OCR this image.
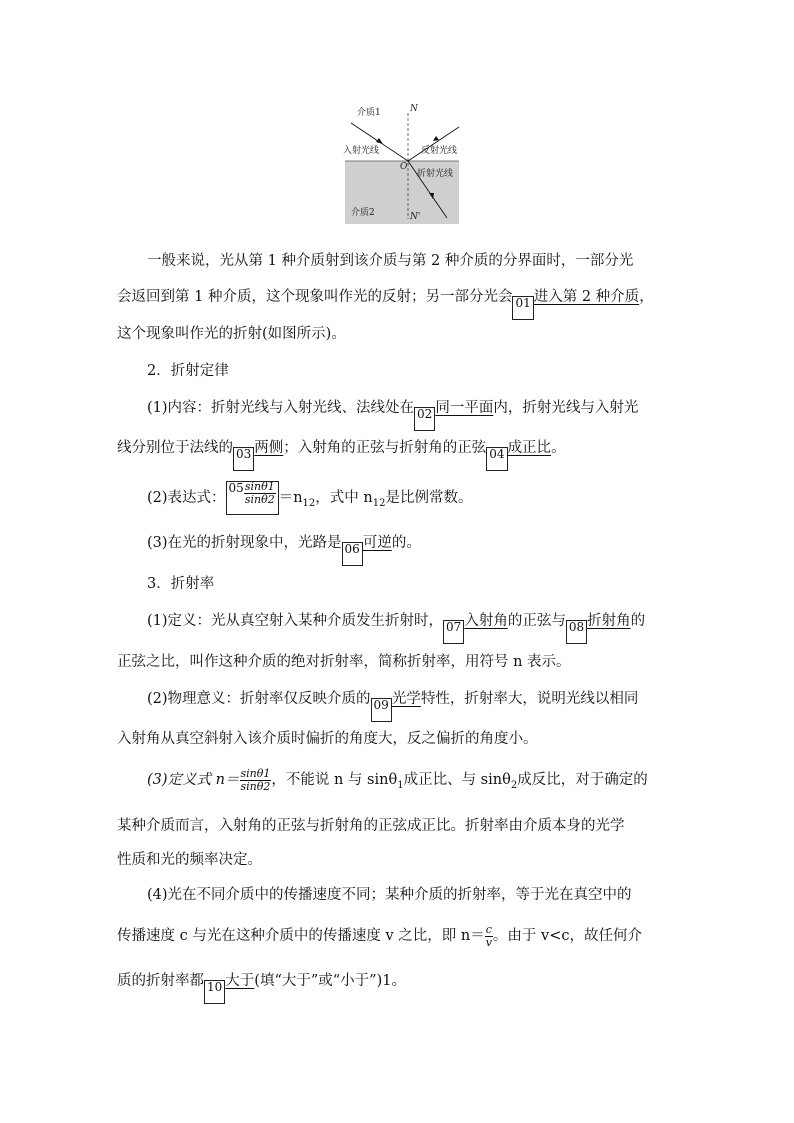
介质1	N
入射光线	反射光线
O
折射光线
介质2	N'
一般来说，光从第 1 种介质射到该介质与第 2 种介质的分界面时，一部分光
会返回到第 1 种介质，这个现象叫作光的反射；另一部分光会 01 进入第 2 种介质，
这个现象叫作光的折射(如图所示)。
2．折射定律
(1)内容：折射光线与入射光线、法线处在 02 同一平面内，折射光线与入射光
线分别位于法线的 03 两侧；入射角的正弦与折射角的正弦 04 成正比。
(2)表达式：$05 \frac{\sin\theta 1}{\sin\theta 2} =n_{12}$，式中 $n_{12}$是比例常数。
(3)在光的折射现象中，光路是 06 可逆的。
3．折射率
(1)定义：光从真空射入某种介质发生折射时， 07 入射角的正弦与 08 折射角的
正弦之比，叫作这种介质的绝对折射率，简称折射率，用符号 n 表示。
(2)物理意义：折射率仅反映介质的 09 光学特性，折射率大，说明光线以相同
入射角从真空斜射入该介质时偏折的角度大，反之偏折的角度小。
(3)定义式 $n= \frac{\sin\theta 1}{\sin\theta 2}$ ，不能说 n 与 sinθ$_1$成正比、与 sinθ$_2$成反比，对于确定的
某种介质而言，入射角的正弦与折射角的正弦成正比。折射率由介质本身的光学
性质和光的频率决定。
(4)光在不同介质中的传播速度不同；某种介质的折射率，等于光在真空中的
传播速度 c 与光在这种介质中的传播速度 v 之比，即 $n= \frac{c}{v}$ 。由于 v<c，故任何介
质的折射率都 10 大于(填“大于”或“小于”)1。
